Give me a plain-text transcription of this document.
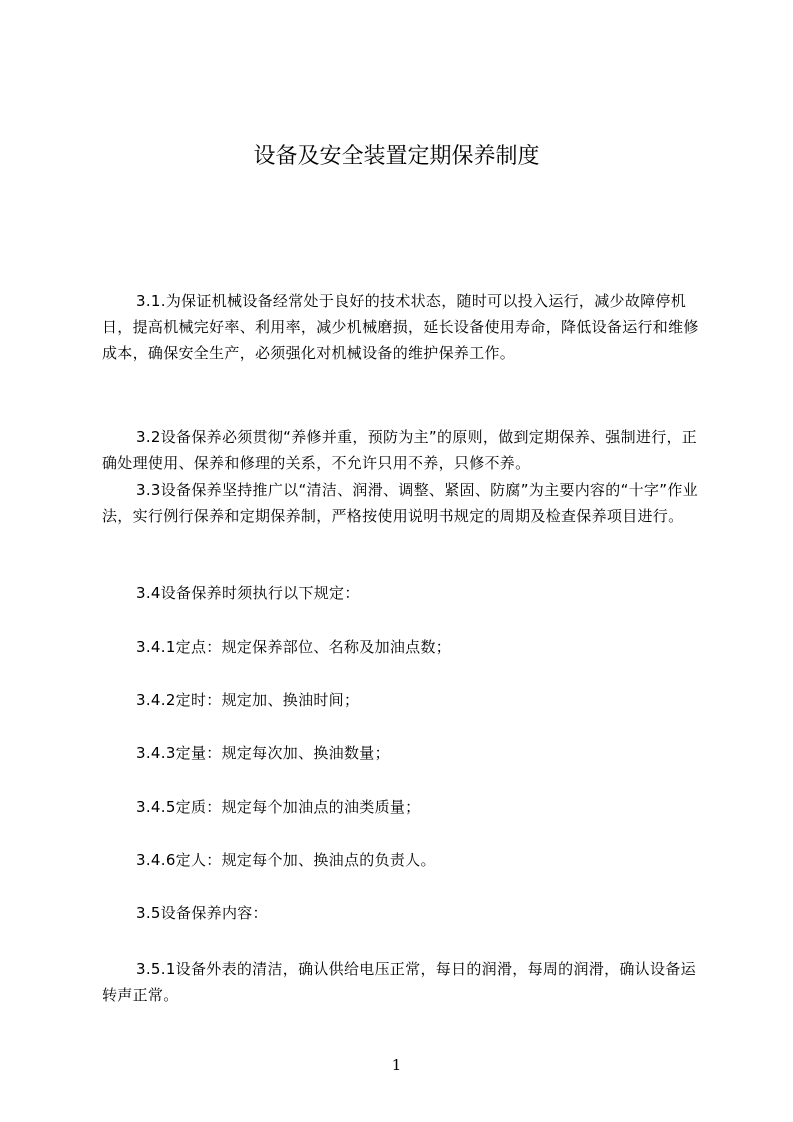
设备及安全装置定期保养制度
3.1.为保证机械设备经常处于良好的技术状态，随时可以投入运行，减少故障停机日，提高机械完好率、利用率，减少机械磨损，延长设备使用寿命，降低设备运行和维修成本，确保安全生产，必须强化对机械设备的维护保养工作。
3.2设备保养必须贯彻“养修并重，预防为主”的原则，做到定期保养、强制进行，正确处理使用、保养和修理的关系，不允许只用不养，只修不养。
3.3设备保养坚持推广以“清洁、润滑、调整、紧固、防腐”为主要内容的“十字”作业法，实行例行保养和定期保养制，严格按使用说明书规定的周期及检查保养项目进行。
3.4设备保养时须执行以下规定：
3.4.1定点：规定保养部位、名称及加油点数；
3.4.2定时：规定加、换油时间；
3.4.3定量：规定每次加、换油数量；
3.4.5定质：规定每个加油点的油类质量；
3.4.6定人：规定每个加、换油点的负责人。
3.5设备保养内容：
3.5.1设备外表的清洁，确认供给电压正常，每日的润滑，每周的润滑，确认设备运转声正常。
1
